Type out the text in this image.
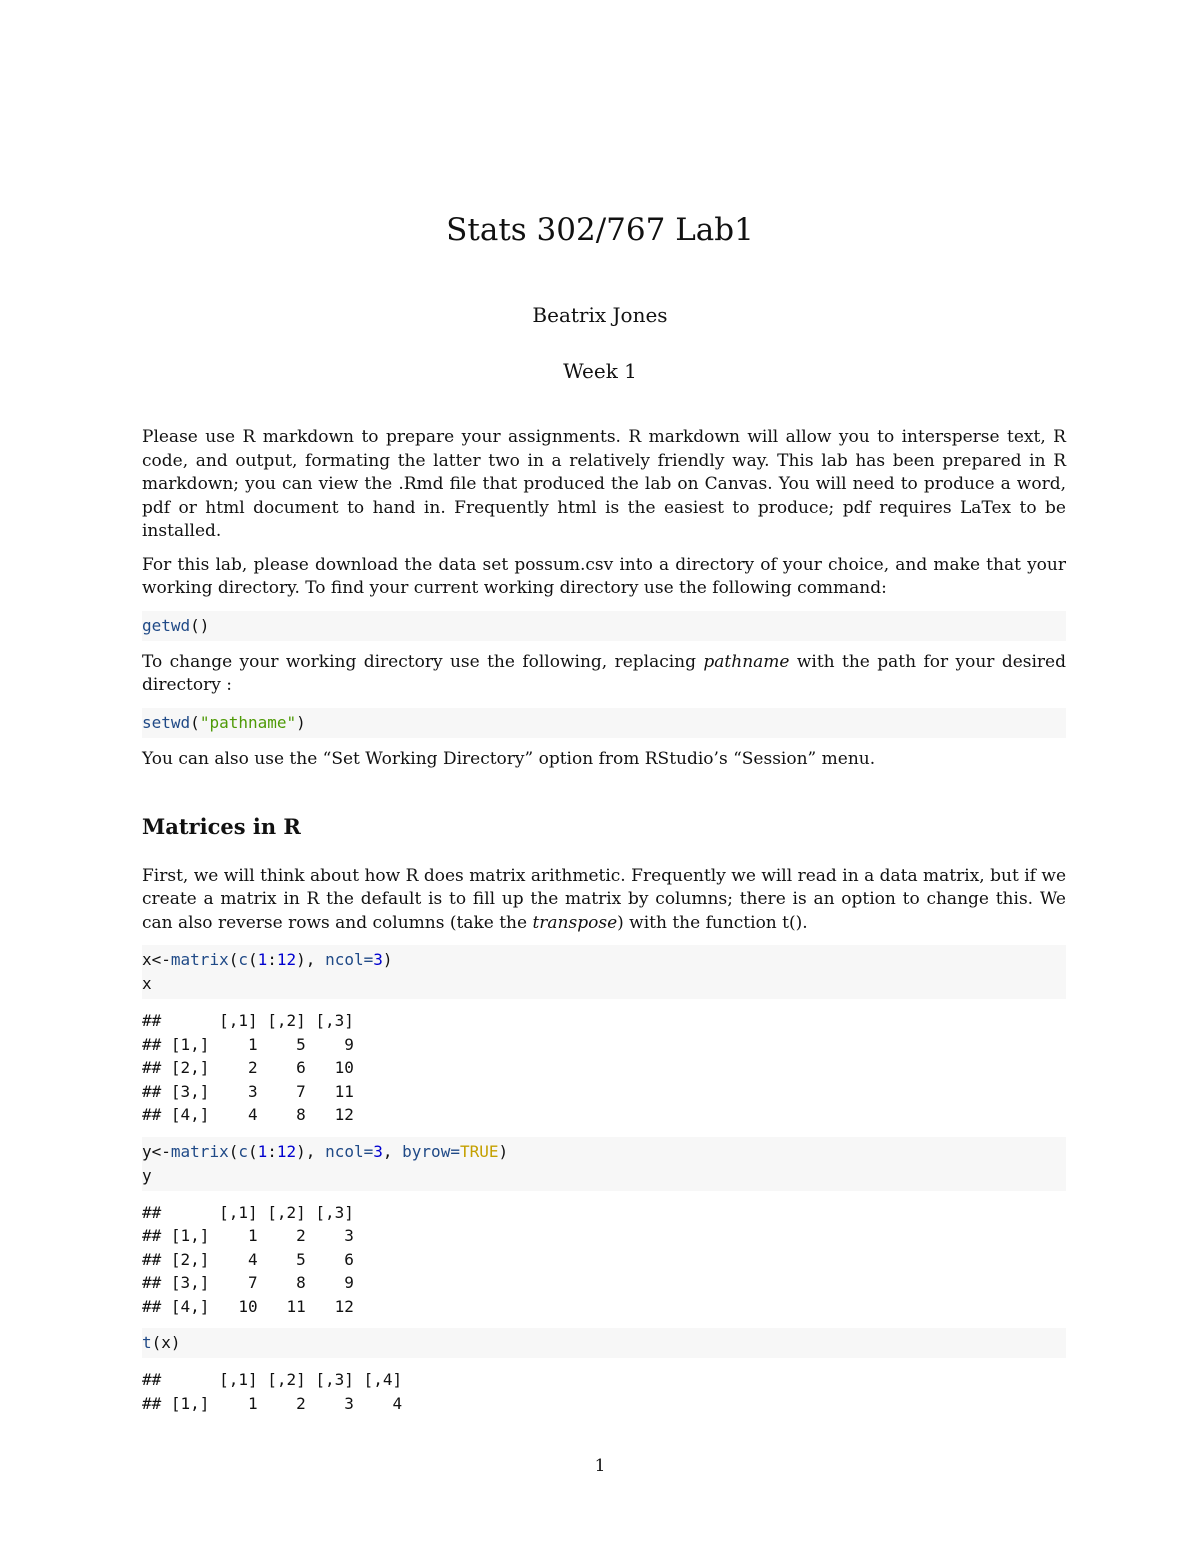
Stats 302/767 Lab1
Beatrix Jones
Week 1

Please use R markdown to prepare your assignments. R markdown will allow you to intersperse text, R code, and output, formating the latter two in a relatively friendly way. This lab has been prepared in R markdown; you can view the .Rmd file that produced the lab on Canvas. You will need to produce a word, pdf or html document to hand in. Frequently html is the easiest to produce; pdf requires LaTex to be installed.

For this lab, please download the data set possum.csv into a directory of your choice, and make that your working directory. To find your current working directory use the following command:

getwd()

To change your working directory use the following, replacing pathname with the path for your desired directory :

setwd("pathname")

You can also use the “Set Working Directory” option from RStudio’s “Session” menu.

Matrices in R

First, we will think about how R does matrix arithmetic. Frequently we will read in a data matrix, but if we create a matrix in R the default is to fill up the matrix by columns; there is an option to change this. We can also reverse rows and columns (take the transpose) with the function t().

x<-matrix(c(1:12), ncol=3)
x
##      [,1] [,2] [,3]
## [1,]    1    5    9
## [2,]    2    6   10
## [3,]    3    7   11
## [4,]    4    8   12
y<-matrix(c(1:12), ncol=3, byrow=TRUE)
y
##      [,1] [,2] [,3]
## [1,]    1    2    3
## [2,]    4    5    6
## [3,]    7    8    9
## [4,]   10   11   12
t(x)
##      [,1] [,2] [,3] [,4]
## [1,]    1    2    3    4
1
